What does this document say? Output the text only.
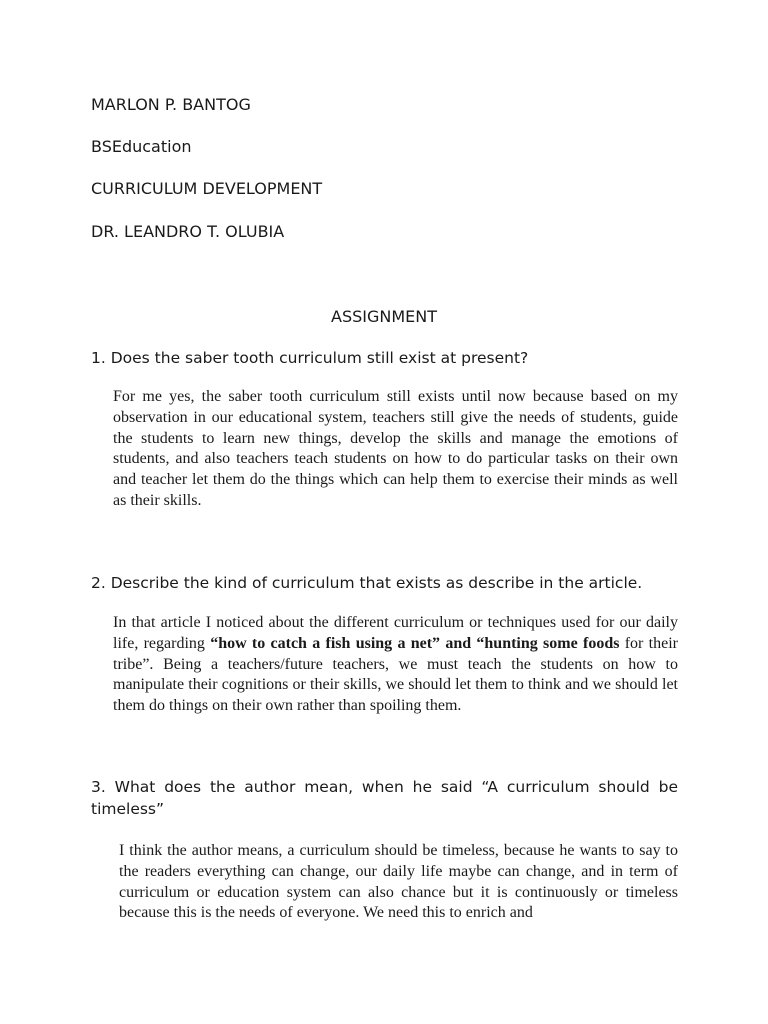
MARLON P. BANTOG
BSEducation
CURRICULUM DEVELOPMENT
DR. LEANDRO T. OLUBIA
ASSIGNMENT
1. Does the saber tooth curriculum still exist at present?
For me yes, the saber tooth curriculum still exists until now because based on my observation in our educational system, teachers still give the needs of students, guide the students to learn new things, develop the skills and manage the emotions of students, and also teachers teach students on how to do particular tasks on their own and teacher let them do the things which can help them to exercise their minds as well as their skills.
2. Describe the kind of curriculum that exists as describe in the article.
In that article I noticed about the different curriculum or techniques used for our daily life, regarding “how to catch a fish using a net” and “hunting some foods for their tribe”. Being a teachers/future teachers, we must teach the students on how to manipulate their cognitions or their skills, we should let them to think and we should let them do things on their own rather than spoiling them.
3. What does the author mean, when he said “A curriculum should be timeless”
I think the author means, a curriculum should be timeless, because he wants to say to the readers everything can change, our daily life maybe can change, and in term of curriculum or education system can also chance but it is continuously or timeless because this is the needs of everyone. We need this to enrich and
